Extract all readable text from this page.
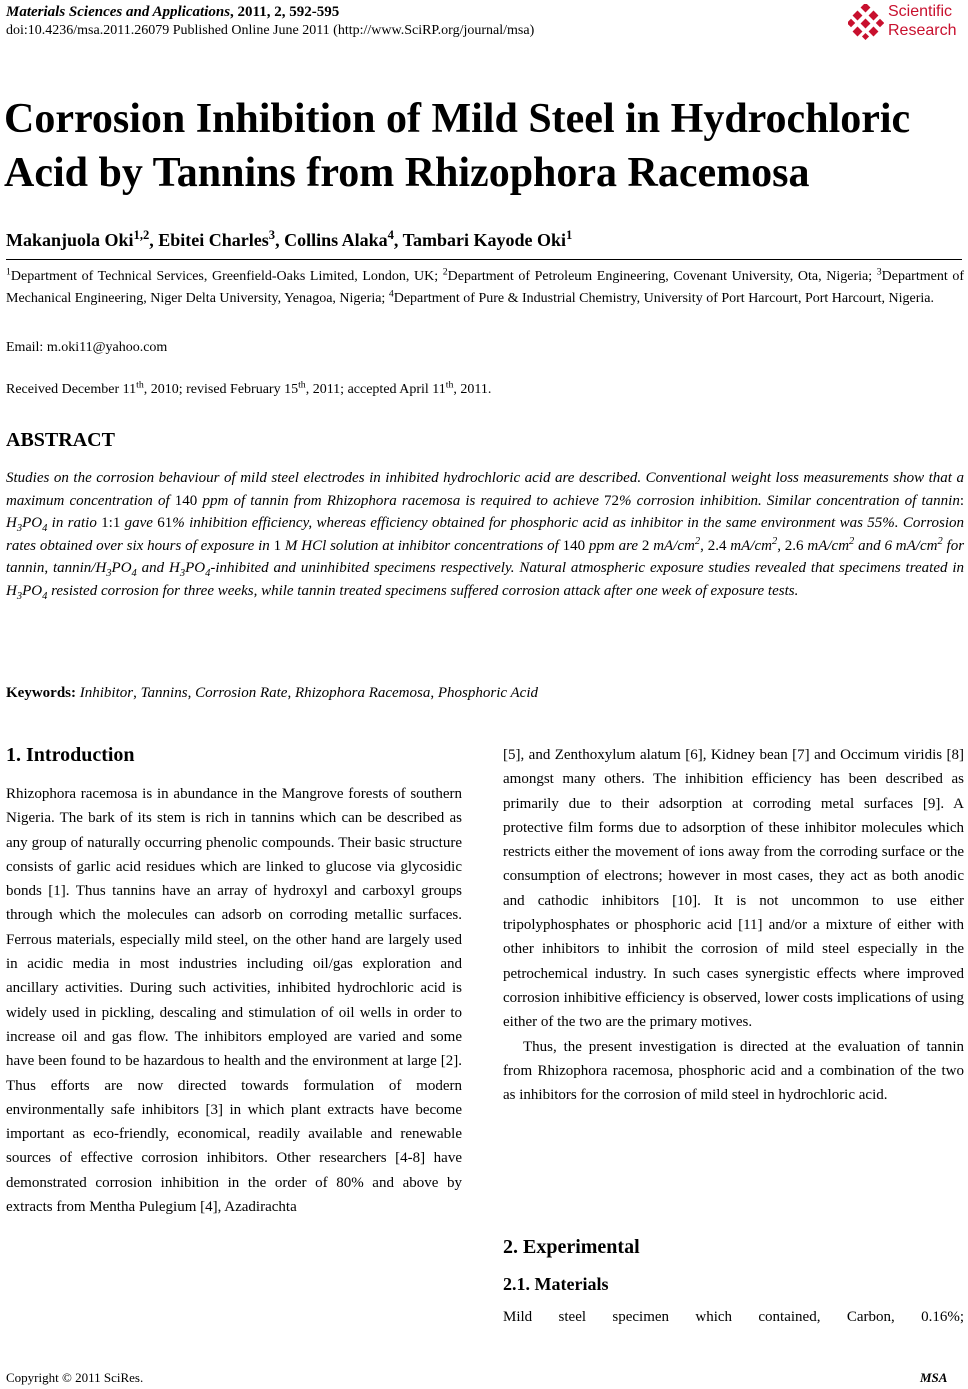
Materials Sciences and Applications, 2011, 2, 592-595
doi:10.4236/msa.2011.26079 Published Online June 2011 (http://www.SciRP.org/journal/msa)
Scientific
Research
Corrosion Inhibition of Mild Steel in Hydrochloric Acid by Tannins from Rhizophora Racemosa
Makanjuola Oki$^{1,2}$, Ebitei Charles$^3$, Collins Alaka$^4$, Tambari Kayode Oki$^1$
$^1$Department of Technical Services, Greenfield-Oaks Limited, London, UK; $^2$Department of Petroleum Engineering, Covenant University, Ota, Nigeria; $^3$Department of Mechanical Engineering, Niger Delta University, Yenagoa, Nigeria; $^4$Department of Pure & Industrial Chemistry, University of Port Harcourt, Port Harcourt, Nigeria.
Email: m.oki11@yahoo.com
Received December 11th, 2010; revised February 15th, 2011; accepted April 11th, 2011.
ABSTRACT
Studies on the corrosion behaviour of mild steel electrodes in inhibited hydrochloric acid are described. Conventional weight loss measurements show that a maximum concentration of 140 ppm of tannin from Rhizophora racemosa is required to achieve 72% corrosion inhibition. Similar concentration of tannin: $H_3PO_4$ in ratio 1:1 gave 61% inhibition efficiency, whereas efficiency obtained for phosphoric acid as inhibitor in the same environment was 55%. Corrosion rates obtained over six hours of exposure in 1 M HCl solution at inhibitor concentrations of 140 ppm are 2 $mA/cm^2$, 2.4 $mA/cm^2$, 2.6 $mA/cm^2$ and 6 $mA/cm^2$ for tannin, tannin/$H_3PO_4$ and $H_3PO_4$-inhibited and uninhibited specimens respectively. Natural atmospheric exposure studies revealed that specimens treated in $H_3PO_4$ resisted corrosion for three weeks, while tannin treated specimens suffered corrosion attack after one week of exposure tests.
Keywords: Inhibitor, Tannins, Corrosion Rate, Rhizophora Racemosa, Phosphoric Acid
1. Introduction

Rhizophora racemosa is in abundance in the Mangrove forests of southern Nigeria. The bark of its stem is rich in tannins which can be described as any group of naturally occurring phenolic compounds. Their basic structure consists of garlic acid residues which are linked to glucose via glycosidic bonds [1]. Thus tannins have an array of hydroxyl and carboxyl groups through which the molecules can adsorb on corroding metallic surfaces. Ferrous materials, especially mild steel, on the other hand are largely used in acidic media in most industries including oil/gas exploration and ancillary activities. During such activities, inhibited hydrochloric acid is widely used in pickling, descaling and stimulation of oil wells in order to increase oil and gas flow. The inhibitors employed are varied and some have been found to be hazardous to health and the environment at large [2]. Thus efforts are now directed towards formulation of modern environmentally safe inhibitors [3] in which plant extracts have become important as eco-friendly, economical, readily available and renewable sources of effective corrosion inhibitors. Other researchers [4-8] have demonstrated corrosion inhibition in the order of 80% and above by extracts from Mentha Pulegium [4], Azadirachta

[5], and Zenthoxylum alatum [6], Kidney bean [7] and Occimum viridis [8] amongst many others. The inhibition efficiency has been described as primarily due to their adsorption at corroding metal surfaces [9]. A protective film forms due to adsorption of these inhibitor molecules which restricts either the movement of ions away from the corroding surface or the consumption of electrons; however in most cases, they act as both anodic and cathodic inhibitors [10]. It is not uncommon to use either tripolyphosphates or phosphoric acid [11] and/or a mixture of either with other inhibitors to inhibit the corrosion of mild steel especially in the petrochemical industry. In such cases synergistic effects where improved corrosion inhibitive efficiency is observed, lower costs implications of using either of the two are the primary motives.

Thus, the present investigation is directed at the evaluation of tannin from Rhizophora racemosa, phosphoric acid and a combination of the two as inhibitors for the corrosion of mild steel in hydrochloric acid.

2. Experimental
2.1. Materials
Mild steel specimen which contained, Carbon, 0.16%;
Copyright © 2011 SciRes.	MSA
